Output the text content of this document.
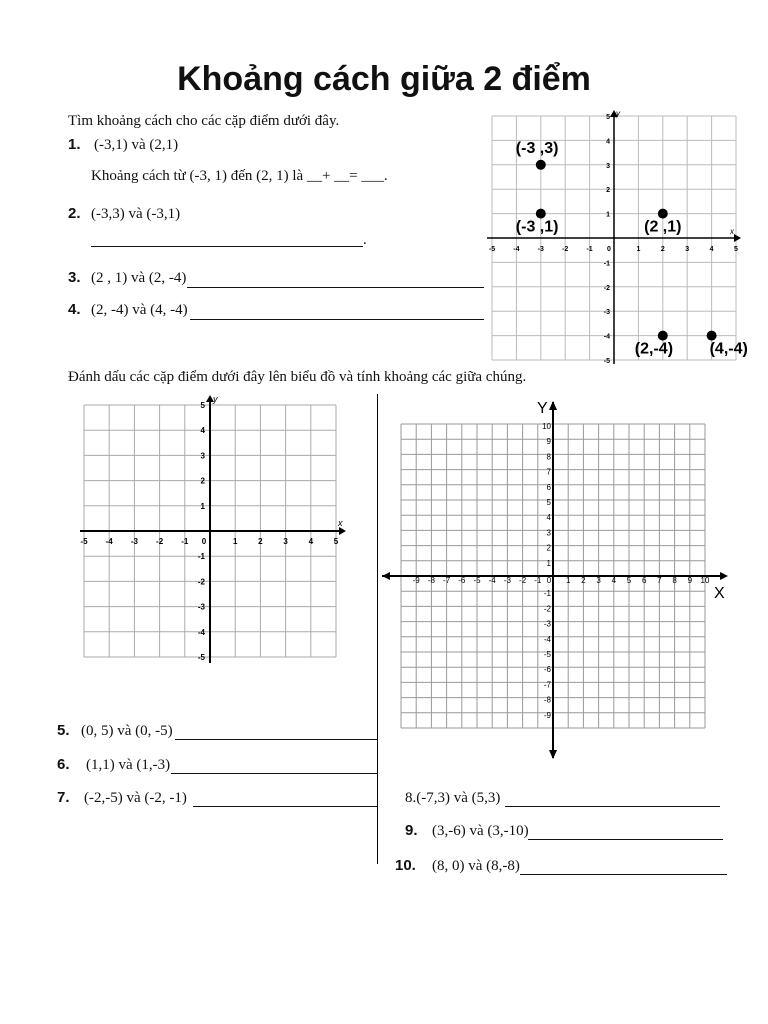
Khoảng cách giữa 2 điểm
Tìm khoảng cách cho các cặp điểm dưới đây.
1. (-3,1) và (2,1)
Khoảng cách từ (-3, 1) đến (2, 1) là __+ __= ___.
2. (-3,3) và (-3,1)
.
3. (2 , 1) và (2, -4)
4. (2, -4) và (4, -4)
x
y
-5	-4	-3	-2	-1	1	2	3	4	5
0
1
2
3
4
5
-1
-2
-3
-4
-5
(-3 ,3)
(-3 ,1)	(2 ,1)
(2,-4) (4,-4)
Đánh dấu các cặp điểm dưới đây lên biểu đồ và tính khoảng các giữa chúng.
x
y
-5 -4 -3 -2 -1	1	2	3	4	5
0
1
2
3
4
5
-1
-2
-3
-4
-5
X
Y
-9 -8 -7 -6 -5 -4 -3 -2 -1	1 2 3 4 5 6 7 8 9 10
0
1
2
3
4
5
6
7
8
9
10
-1
-2
-3
-4
-5
-6
-7
-8
-9
5. (0, 5) và (0, -5)
6. (1,1) và (1,-3)
7. (-2,-5) và (-2, -1)	8.(-7,3) và (5,3)
9. (3,-6) và (3,-10)
10. (8, 0) và (8,-8)
